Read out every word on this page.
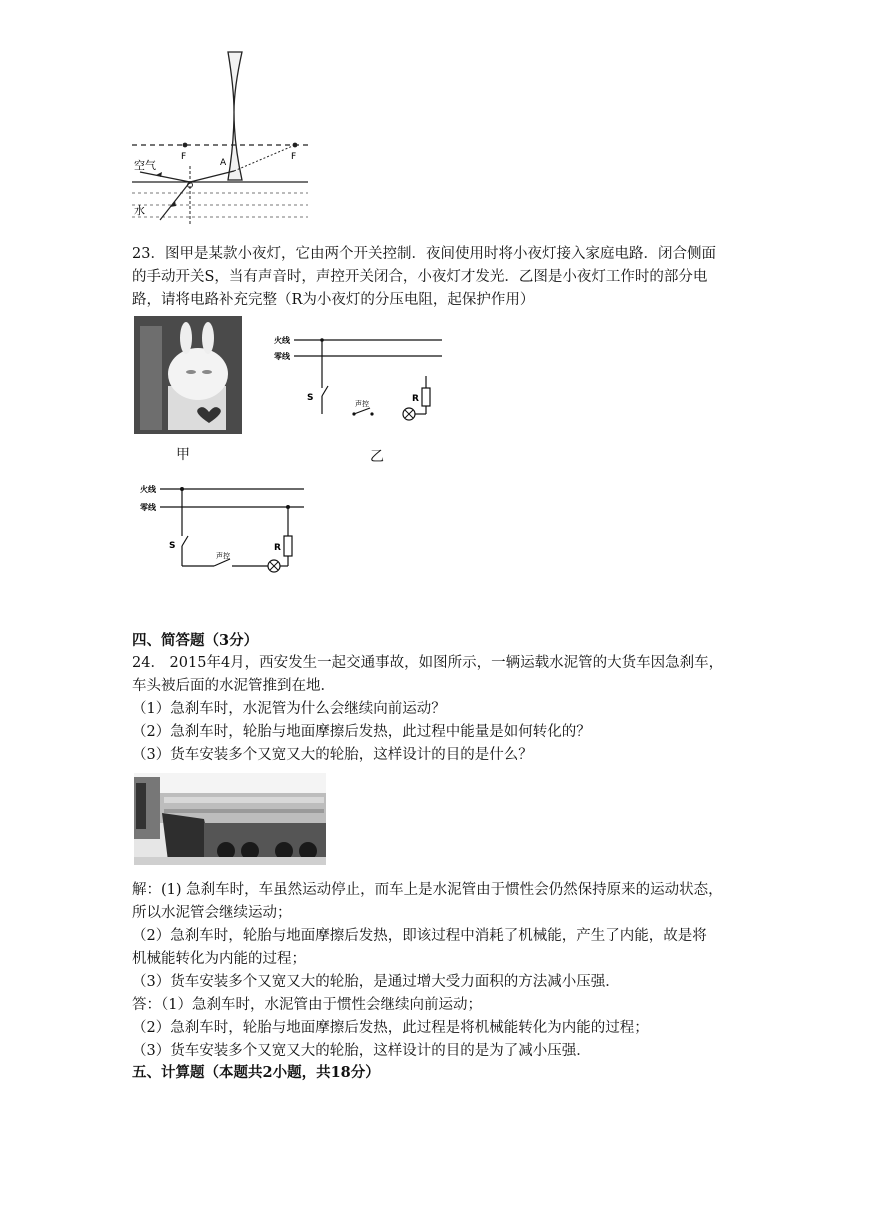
F	F
A
空气
水
23．图甲是某款小夜灯，它由两个开关控制．夜间使用时将小夜灯接入家庭电路．闭合侧面
的手动开关S，当有声音时，声控开关闭合，小夜灯才发光．乙图是小夜灯工作时的部分电
路，请将电路补充完整（R为小夜灯的分压电阻，起保护作用）
甲
火线
零线
S
声控	R
乙
火线
零线
S
声控
R
四、简答题（3分）
24． 2015年4月，西安发生一起交通事故，如图所示，一辆运载水泥管的大货车因急刹车，
车头被后面的水泥管推到在地．
（1）急刹车时，水泥管为什么会继续向前运动？
（2）急刹车时，轮胎与地面摩擦后发热，此过程中能量是如何转化的？
（3）货车安装多个又宽又大的轮胎，这样设计的目的是什么？
解：(1) 急刹车时，车虽然运动停止，而车上是水泥管由于惯性会仍然保持原来的运动状态，
所以水泥管会继续运动；
（2）急刹车时，轮胎与地面摩擦后发热，即该过程中消耗了机械能，产生了内能，故是将
机械能转化为内能的过程；
（3）货车安装多个又宽又大的轮胎，是通过增大受力面积的方法减小压强．
答：（1）急刹车时，水泥管由于惯性会继续向前运动；
（2）急刹车时，轮胎与地面摩擦后发热，此过程是将机械能转化为内能的过程；
（3）货车安装多个又宽又大的轮胎，这样设计的目的是为了减小压强．
五、计算题（本题共2小题，共18分）
